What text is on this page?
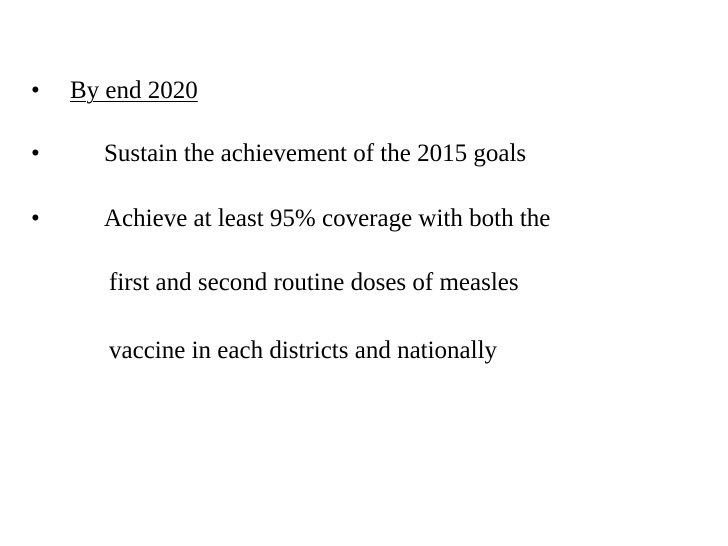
• By end 2020
•	Sustain the achievement of the 2015 goals
•	Achieve at least 95% coverage with both the
first and second routine doses of measles
vaccine in each districts and nationally
